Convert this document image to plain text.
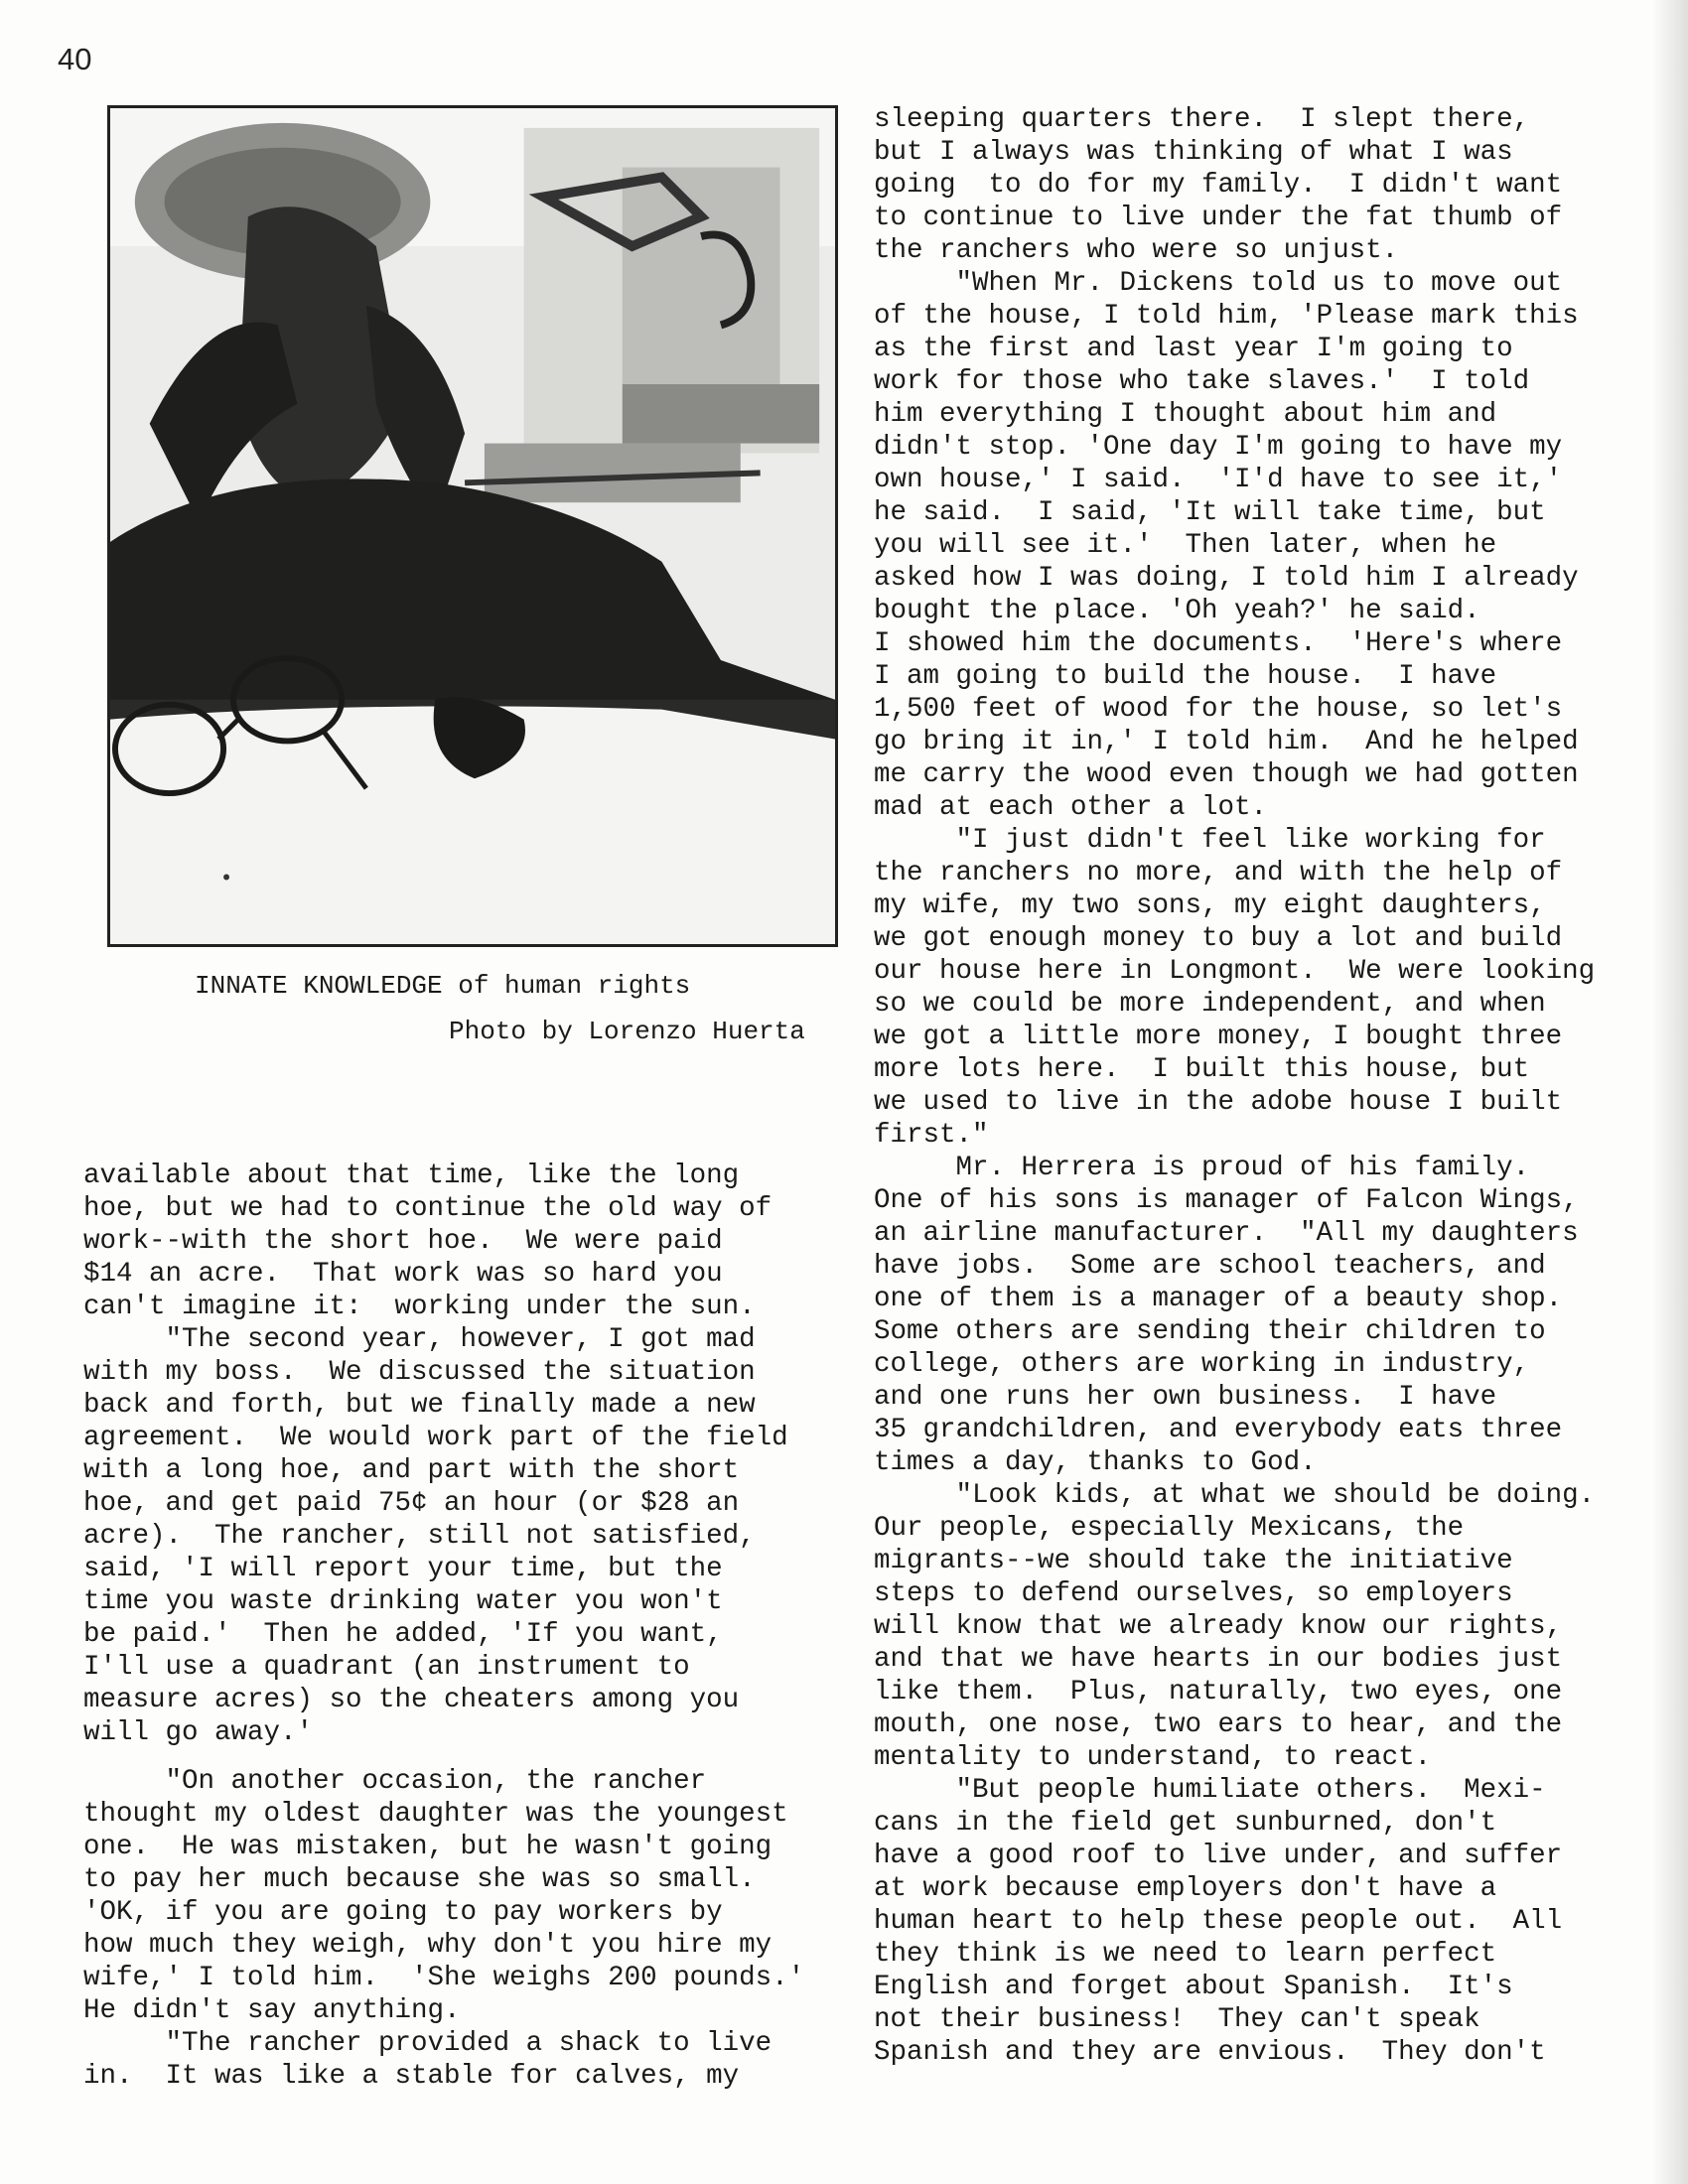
40
INNATE KNOWLEDGE of human rights
Photo by Lorenzo Huerta

available about that time, like the long
hoe, but we had to continue the old way of
work--with the short hoe.  We were paid
$14 an acre.  That work was so hard you
can't imagine it:  working under the sun.

"The second year, however, I got mad
with my boss.  We discussed the situation
back and forth, but we finally made a new
agreement.  We would work part of the field
with a long hoe, and part with the short
hoe, and get paid 75¢ an hour (or $28 an
acre).  The rancher, still not satisfied,
said, 'I will report your time, but the
time you waste drinking water you won't
be paid.'  Then he added, 'If you want,
I'll use a quadrant (an instrument to
measure acres) so the cheaters among you
will go away.'

"On another occasion, the rancher
thought my oldest daughter was the youngest
one.  He was mistaken, but he wasn't going
to pay her much because she was so small.
'OK, if you are going to pay workers by
how much they weigh, why don't you hire my
wife,' I told him.  'She weighs 200 pounds.'
He didn't say anything.

"The rancher provided a shack to live
in.  It was like a stable for calves, my

sleeping quarters there.  I slept there,
but I always was thinking of what I was
going  to do for my family.  I didn't want
to continue to live under the fat thumb of
the ranchers who were so unjust.

"When Mr. Dickens told us to move out
of the house, I told him, 'Please mark this
as the first and last year I'm going to
work for those who take slaves.'  I told
him everything I thought about him and
didn't stop. 'One day I'm going to have my
own house,' I said.  'I'd have to see it,'
he said.  I said, 'It will take time, but
you will see it.'  Then later, when he
asked how I was doing, I told him I already
bought the place. 'Oh yeah?' he said.
I showed him the documents.  'Here's where
I am going to build the house.  I have
1,500 feet of wood for the house, so let's
go bring it in,' I told him.  And he helped
me carry the wood even though we had gotten
mad at each other a lot.

"I just didn't feel like working for
the ranchers no more, and with the help of
my wife, my two sons, my eight daughters,
we got enough money to buy a lot and build
our house here in Longmont.  We were looking
so we could be more independent, and when
we got a little more money, I bought three
more lots here.  I built this house, but
we used to live in the adobe house I built
first."

Mr. Herrera is proud of his family.
One of his sons is manager of Falcon Wings,
an airline manufacturer.  "All my daughters
have jobs.  Some are school teachers, and
one of them is a manager of a beauty shop.
Some others are sending their children to
college, others are working in industry,
and one runs her own business.  I have
35 grandchildren, and everybody eats three
times a day, thanks to God.

"Look kids, at what we should be doing.
Our people, especially Mexicans, the
migrants--we should take the initiative
steps to defend ourselves, so employers
will know that we already know our rights,
and that we have hearts in our bodies just
like them.  Plus, naturally, two eyes, one
mouth, one nose, two ears to hear, and the
mentality to understand, to react.

"But people humiliate others.  Mexi-
cans in the field get sunburned, don't
have a good roof to live under, and suffer
at work because employers don't have a
human heart to help these people out.  All
they think is we need to learn perfect
English and forget about Spanish.  It's
not their business!  They can't speak
Spanish and they are envious.  They don't
